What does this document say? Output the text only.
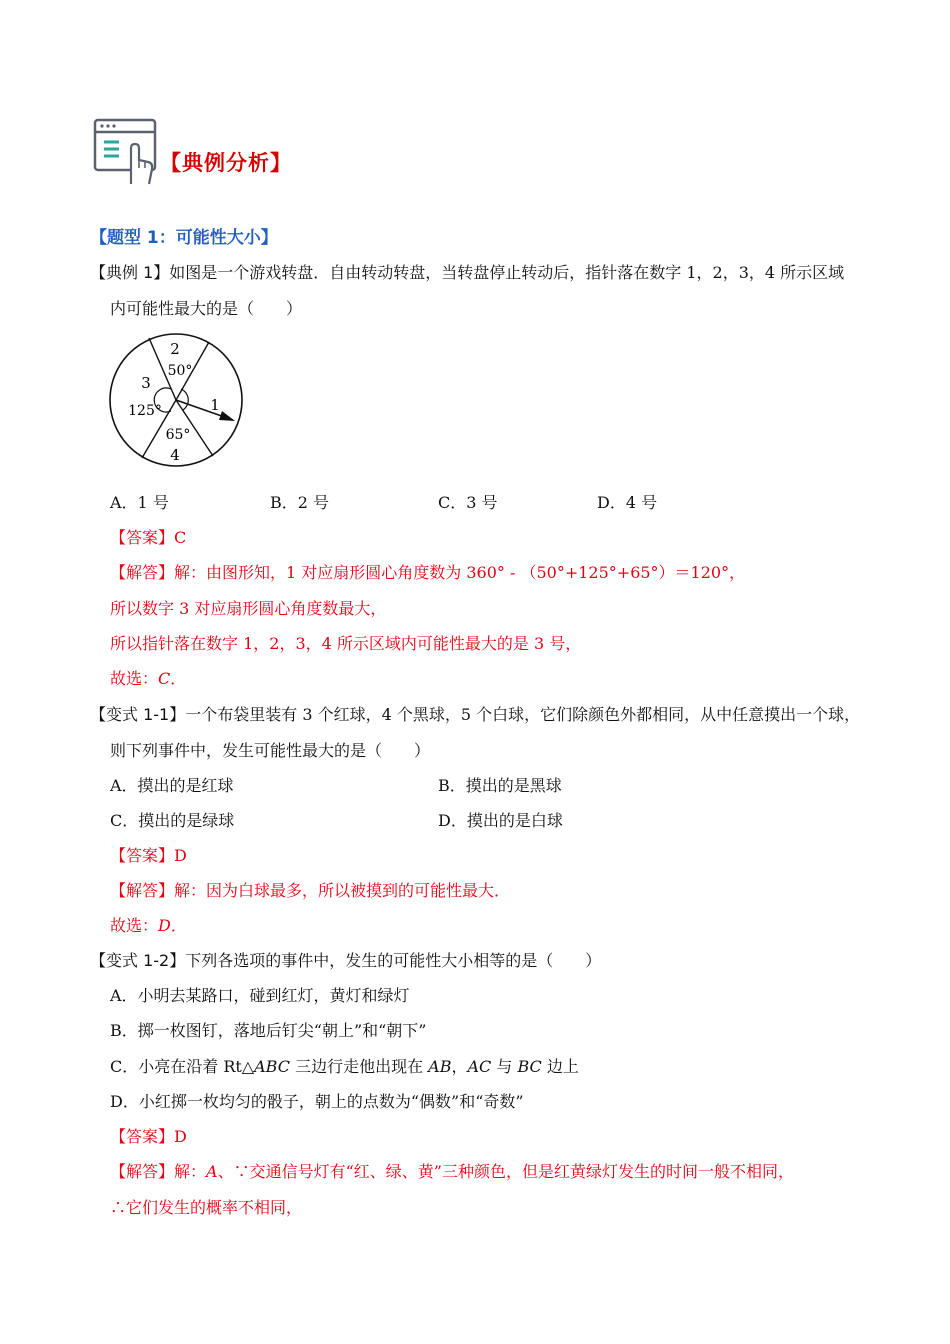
【典例分析】
【题型 1：可能性大小】
【典例 1】如图是一个游戏转盘．自由转动转盘，当转盘停止转动后，指针落在数字 1，2，3，4 所示区域
内可能性最大的是（　　）
2
50°
3
125°	1
65°
4
A．1 号	B．2 号	C．3 号	D．4 号
【答案】C
【解答】解：由图形知，1 对应扇形圆心角度数为 360° - （50°+125°+65°）＝120°，
所以数字 3 对应扇形圆心角度数最大，
所以指针落在数字 1，2，3，4 所示区域内可能性最大的是 3 号，
故选：C．
【变式 1-1】一个布袋里装有 3 个红球，4 个黑球，5 个白球，它们除颜色外都相同，从中任意摸出一个球，
则下列事件中，发生可能性最大的是（　　）
A．摸出的是红球	B．摸出的是黑球
C．摸出的是绿球	D．摸出的是白球
【答案】D
【解答】解：因为白球最多，所以被摸到的可能性最大．
故选：D．
【变式 1-2】下列各选项的事件中，发生的可能性大小相等的是（　　）
A．小明去某路口，碰到红灯，黄灯和绿灯
B．掷一枚图钉，落地后钉尖“朝上”和“朝下”
C．小亮在沿着 Rt△ABC 三边行走他出现在 AB，AC 与 BC 边上
D．小红掷一枚均匀的骰子，朝上的点数为“偶数”和“奇数”
【答案】D
【解答】解：A、∵交通信号灯有“红、绿、黄”三种颜色，但是红黄绿灯发生的时间一般不相同，
∴它们发生的概率不相同，
